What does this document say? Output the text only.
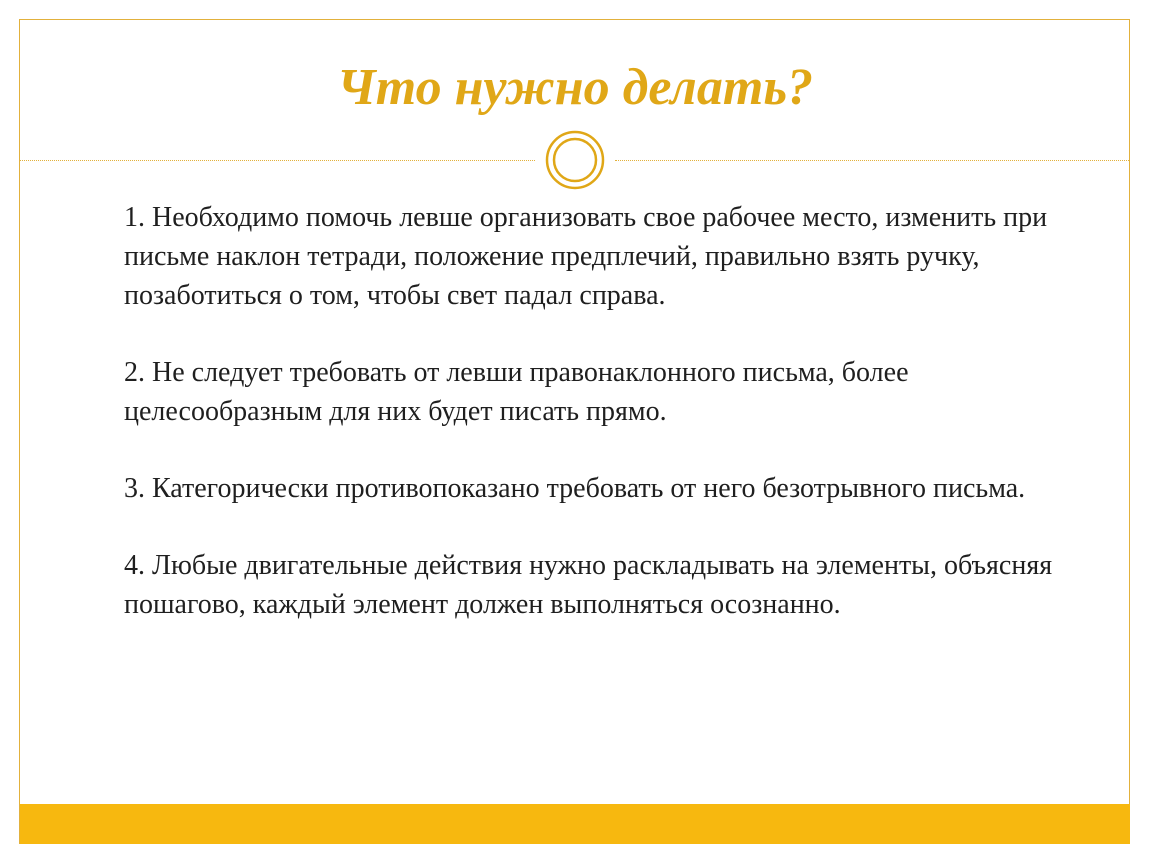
Что нужно делать?

1. Необходимо помочь левше организовать свое рабочее место, изменить при письме наклон тетради, положение предплечий, правильно взять ручку, позаботиться о том, чтобы свет падал справа.

2. Не следует требовать от левши правонаклонного письма, более целесообразным для них будет писать прямо.

3. Категорически противопоказано требовать от него безотрывного письма.

4. Любые двигательные действия нужно раскладывать на элементы, объясняя пошагово, каждый элемент должен выполняться осознанно.
